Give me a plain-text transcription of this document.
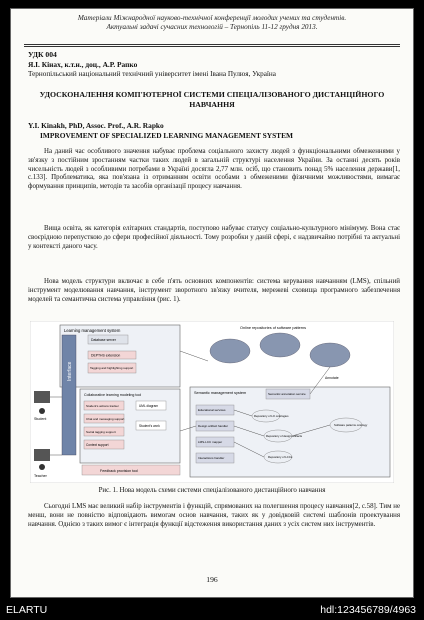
Матеріали Міжнародної науково-технічної конференції молодих учених та студентів.
Актуальні задачі сучасних технологій – Тернопіль 11-12 грудня 2013.
УДК 004
Я.І. Кінах, к.т.н., доц., А.Р. Рапко
Тернопільський національний технічний університет імені Івана Пулюя, Україна
УДОСКОНАЛЕННЯ КОМП'ЮТЕРНОЇ СИСТЕМИ СПЕЦІАЛІЗОВАНОГО ДИСТАНЦІЙНОГО НАВЧАННЯ
Y.I. Kinakh, PhD, Assoc. Prof., A.R. Rapko
IMPROVEMENT OF SPECIALIZED LEARNING MANAGEMENT SYSTEM

На даний час особливого значення набуває проблема соціального захисту людей з функціональними обмеженнями у зв'язку з постійним зростанням частки таких людей в загальній структурі населення України. За останні десять років чисельність людей з особливими потребами в Україні досягла 2,77 млн. осіб, що становить понад 5% населення держави[1, с.133]. Проблематика, яка пов'язана із отриманням освіти особами з обмеженими фізичними можливостями, вимагає формування принципів, методів та засобів організації процесу навчання.

Вища освіта, як категорія елітарних стандартів, поступово набуває статусу соціально-культурного мінімуму. Вона стає своєрідною перепусткою до сфери професійної діяльності. Тому розробки у даній сфері, є надзвичайно потрібні та актуальні у контексті даного часу.

Нова модель структури включає в себе п'ять основних компонентів: система керування навчанням (LMS), спільний інструмент моделювання навчання, інструмент зворотного зв'язку вчителя, мережеві сховища програмного забезпечення моделей та семантична система управління (рис. 1).

Learning management system
Database server
DEPTHS extension
Tagging and highlighting support
Interface
Collaborative learning modeling tool
Student's actions tracker	UML diagram
Chat and messaging support
Social tagging support
Student's work
Context support
Feedback provision tool
Student
Teacher
Online repositories of software patterns
Annotate
Semantic management system	Semantic annotation service
Educational services
Design artifact handler
LMS-LCC mapper
Interactions handler
Repository of LO ontologies
Repository of design artifacts
Repository of LCCs
Software patterns ontology
Рис. 1. Нова модель схеми системи спеціалізованого дистанційного навчання

Сьогодні LMS має великий набір інструментів і функцій, спрямованих на полегшення процесу навчання[2, с.58]. Тим не менш, вони не повністю відповідають вимогам основ навчання, таких як у довідковій системі шаблонів проектування навчання. Однією з таких вимог є інтеграція функції відстеження використання даних з усіх систем них інструментів.

196
ELARTU	hdl:123456789/4963
